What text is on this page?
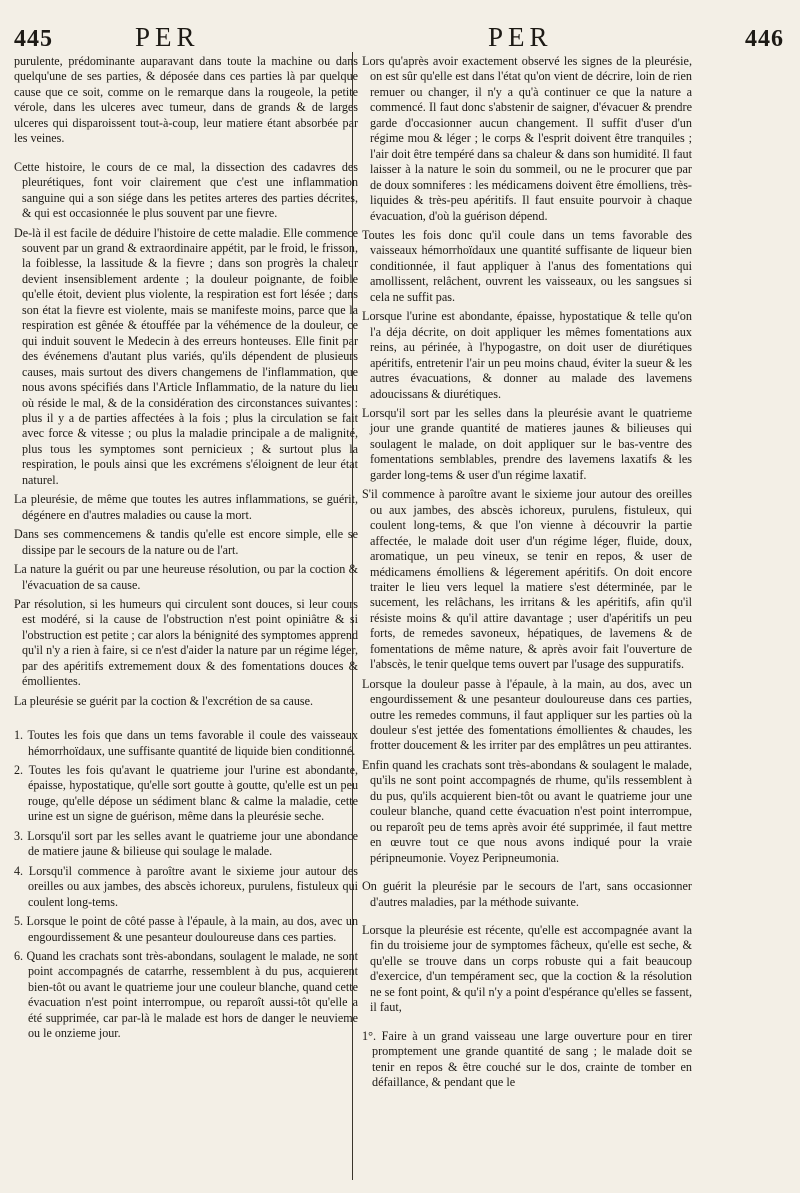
445	PER	PER	446

purulente, prédominante auparavant dans toute la machine ou dans quelqu'une de ses parties, & déposée dans ces parties là par quelque cause que ce soit, comme on le remarque dans la rougeole, la petite vérole, dans les ulceres avec tumeur, dans de grands & de larges ulceres qui disparoissent tout-à-coup, leur matiere étant absorbée par les veines.

Cette histoire, le cours de ce mal, la dissection des cadavres des pleurétiques, font voir clairement que c'est une inflammation sanguine qui a son siége dans les petites arteres des parties décrites, & qui est occasionnée le plus souvent par une fievre.

De-là il est facile de déduire l'histoire de cette maladie. Elle commence souvent par un grand & extraordinaire appétit, par le froid, le frisson, la foiblesse, la lassitude & la fievre ; dans son progrès la chaleur devient insensiblement ardente ; la douleur poignante, de foible qu'elle étoit, devient plus violente, la respiration est fort lésée ; dans son état la fievre est violente, mais se manifeste moins, parce que la respiration est gênée & étouffée par la véhémence de la douleur, ce qui induit souvent le Medecin à des erreurs honteuses. Elle finit par des événemens d'autant plus variés, qu'ils dépendent de plusieurs causes, mais surtout des divers changemens de l'inflammation, que nous avons spécifiés dans l'Article Inflammatio, de la nature du lieu où réside le mal, & de la considération des circonstances suivantes : plus il y a de parties affectées à la fois ; plus la circulation se fait avec force & vitesse ; ou plus la maladie principale a de malignité, plus tous les symptomes sont pernicieux ; & surtout plus la respiration, le pouls ainsi que les excrémens s'éloignent de leur état naturel.

La pleurésie, de même que toutes les autres inflammations, se guérit, dégénere en d'autres maladies ou cause la mort.

Dans ses commencemens & tandis qu'elle est encore simple, elle se dissipe par le secours de la nature ou de l'art.

La nature la guérit ou par une heureuse résolution, ou par la coction & l'évacuation de sa cause.

Par résolution, si les humeurs qui circulent sont douces, si leur cours est modéré, si la cause de l'obstruction n'est point opiniâtre & si l'obstruction est petite ; car alors la bénignité des symptomes apprend qu'il n'y a rien à faire, si ce n'est d'aider la nature par un régime léger, par des apéritifs extremement doux & des fomentations douces & émollientes.

La pleurésie se guérit par la coction & l'excrétion de sa cause.

1. Toutes les fois que dans un tems favorable il coule des vaisseaux hémorrhoïdaux, une suffisante quantité de liquide bien conditionné.

2. Toutes les fois qu'avant le quatrieme jour l'urine est abondante, épaisse, hypostatique, qu'elle sort goutte à goutte, qu'elle est un peu rouge, qu'elle dépose un sédiment blanc & calme la maladie, cette urine est un signe de guérison, même dans la pleurésie seche.

3. Lorsqu'il sort par les selles avant le quatrieme jour une abondance de matiere jaune & bilieuse qui soulage le malade.

4. Lorsqu'il commence à paroître avant le sixieme jour autour des oreilles ou aux jambes, des abscès ichoreux, purulens, fistuleux qui coulent long-tems.

5. Lorsque le point de côté passe à l'épaule, à la main, au dos, avec un engourdissement & une pesanteur douloureuse dans ces parties.

6. Quand les crachats sont très-abondans, soulagent le malade, ne sont point accompagnés de catarrhe, ressemblent à du pus, acquierent bien-tôt ou avant le quatrieme jour une couleur blanche, quand cette évacuation n'est point interrompue, ou reparoît aussi-tôt qu'elle a été supprimée, car par-là le malade est hors de danger le neuvieme ou le onzieme jour.

Lors qu'après avoir exactement observé les signes de la pleurésie, on est sûr qu'elle est dans l'état qu'on vient de décrire, loin de rien remuer ou changer, il n'y a qu'à continuer ce que la nature a commencé. Il faut donc s'abstenir de saigner, d'évacuer & prendre garde d'occasionner aucun changement. Il suffit d'user d'un régime mou & léger ; le corps & l'esprit doivent être tranquiles ; l'air doit être tempéré dans sa chaleur & dans son humidité. Il faut laisser à la nature le soin du sommeil, ou ne le procurer que par de doux somniferes : les médicamens doivent être émolliens, très-liquides & très-peu apéritifs. Il faut ensuite pourvoir à chaque évacuation, d'où la guérison dépend.

Toutes les fois donc qu'il coule dans un tems favorable des vaisseaux hémorrhoïdaux une quantité suffisante de liqueur bien conditionnée, il faut appliquer à l'anus des fomentations qui amollissent, relâchent, ouvrent les vaisseaux, ou les sangsues si cela ne suffit pas.

Lorsque l'urine est abondante, épaisse, hypostatique & telle qu'on l'a déja décrite, on doit appliquer les mêmes fomentations aux reins, au périnée, à l'hypogastre, on doit user de diurétiques apéritifs, entretenir l'air un peu moins chaud, éviter la sueur & les autres évacuations, & donner au malade des lavemens adoucissans & diurétiques.

Lorsqu'il sort par les selles dans la pleurésie avant le quatrieme jour une grande quantité de matieres jaunes & bilieuses qui soulagent le malade, on doit appliquer sur le bas-ventre des fomentations semblables, prendre des lavemens laxatifs & les garder long-tems & user d'un régime laxatif.

S'il commence à paroître avant le sixieme jour autour des oreilles ou aux jambes, des abscès ichoreux, purulens, fistuleux, qui coulent long-tems, & que l'on vienne à découvrir la partie affectée, le malade doit user d'un régime léger, fluide, doux, aromatique, un peu vineux, se tenir en repos, & user de médicamens émolliens & légerement apéritifs. On doit encore traiter le lieu vers lequel la matiere s'est déterminée, par le sucement, les relâchans, les irritans & les apéritifs, afin qu'il résiste moins & qu'il attire davantage ; user d'apéritifs un peu forts, de remedes savoneux, hépatiques, de lavemens & de fomentations de même nature, & après avoir fait l'ouverture de l'abscès, le tenir quelque tems ouvert par l'usage des suppuratifs.

Lorsque la douleur passe à l'épaule, à la main, au dos, avec un engourdissement & une pesanteur douloureuse dans ces parties, outre les remedes communs, il faut appliquer sur les parties où la douleur s'est jettée des fomentations émollientes & chaudes, les frotter doucement & les irriter par des emplâtres un peu attirantes.

Enfin quand les crachats sont très-abondans & soulagent le malade, qu'ils ne sont point accompagnés de rhume, qu'ils ressemblent à du pus, qu'ils acquierent bien-tôt ou avant le quatrieme jour une couleur blanche, quand cette évacuation n'est point interrompue, ou reparoît peu de tems après avoir été supprimée, il faut mettre en œuvre tout ce que nous avons indiqué pour la vraie péripneumonie. Voyez Peripneumonia.

On guérit la pleurésie par le secours de l'art, sans occasionner d'autres maladies, par la méthode suivante.

Lorsque la pleurésie est récente, qu'elle est accompagnée avant la fin du troisieme jour de symptomes fâcheux, qu'elle est seche, & qu'elle se trouve dans un corps robuste qui a fait beaucoup d'exercice, d'un tempérament sec, que la coction & la résolution ne se font point, & qu'il n'y a point d'espérance qu'elles se fassent, il faut,

1°. Faire à un grand vaisseau une large ouverture pour en tirer promptement une grande quantité de sang ; le malade doit se tenir en repos & être couché sur le dos, crainte de tomber en défaillance, & pendant que le
